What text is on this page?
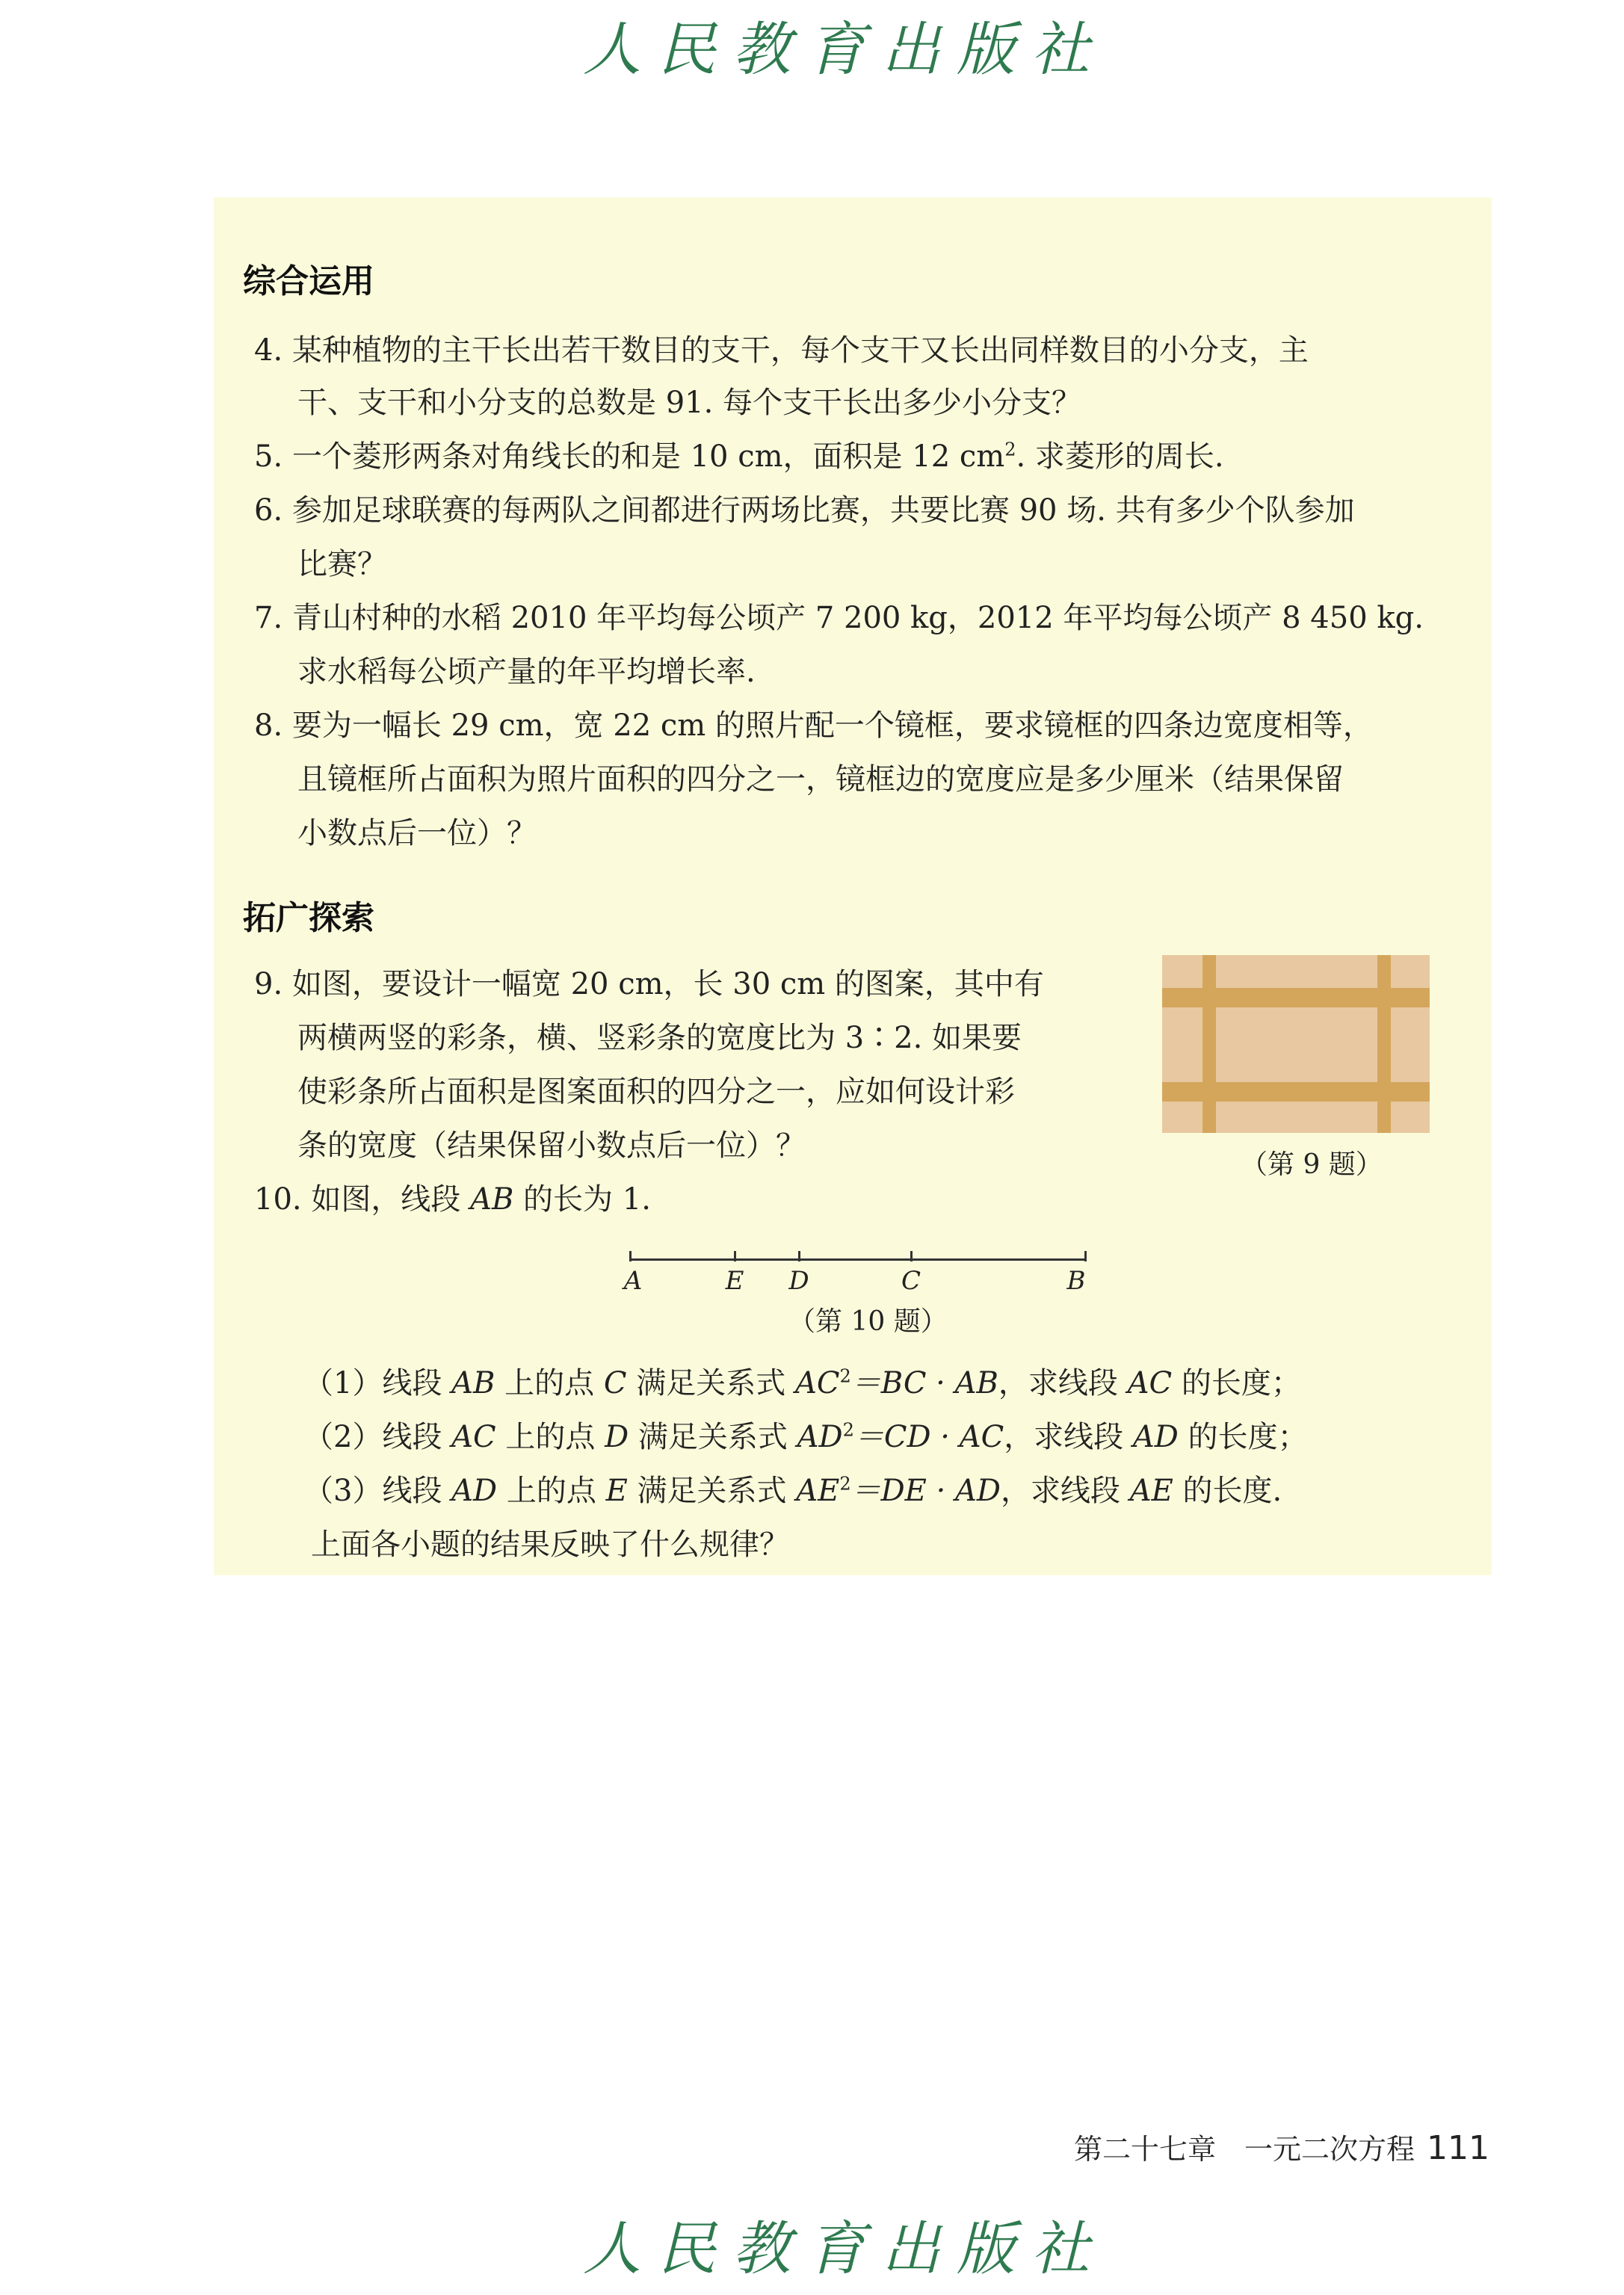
人民教育出版社
综合运用
4. 某种植物的主干长出若干数目的支干，每个支干又长出同样数目的小分支，主
干、支干和小分支的总数是 91. 每个支干长出多少小分支？
5. 一个菱形两条对角线长的和是 10 cm，面积是 12 $cm^2$. 求菱形的周长.
6. 参加足球联赛的每两队之间都进行两场比赛，共要比赛 90 场. 共有多少个队参加
比赛？
7. 青山村种的水稻 2010 年平均每公顷产 7 200 kg，2012 年平均每公顷产 8 450 kg.
求水稻每公顷产量的年平均增长率.
8. 要为一幅长 29 cm，宽 22 cm 的照片配一个镜框，要求镜框的四条边宽度相等，
且镜框所占面积为照片面积的四分之一，镜框边的宽度应是多少厘米（结果保留
小数点后一位）？
拓广探索
9. 如图，要设计一幅宽 20 cm，长 30 cm 的图案，其中有
两横两竖的彩条，横、竖彩条的宽度比为 3∶2. 如果要
使彩条所占面积是图案面积的四分之一，应如何设计彩
条的宽度（结果保留小数点后一位）？
（第 9 题）
10. 如图，线段 AB 的长为 1.
A	E D	C	B
（第 10 题）
（1）线段 AB 上的点 C 满足关系式 $AC^2=BC$ · AB，求线段 AC 的长度；
（2）线段 AC 上的点 D 满足关系式 $AD^2=CD$ · AC，求线段 AD 的长度；
（3）线段 AD 上的点 E 满足关系式 $AE^2=DE$ · AD，求线段 AE 的长度.
上面各小题的结果反映了什么规律？
第二十七章　一元二次方程 111
人民教育出版社
